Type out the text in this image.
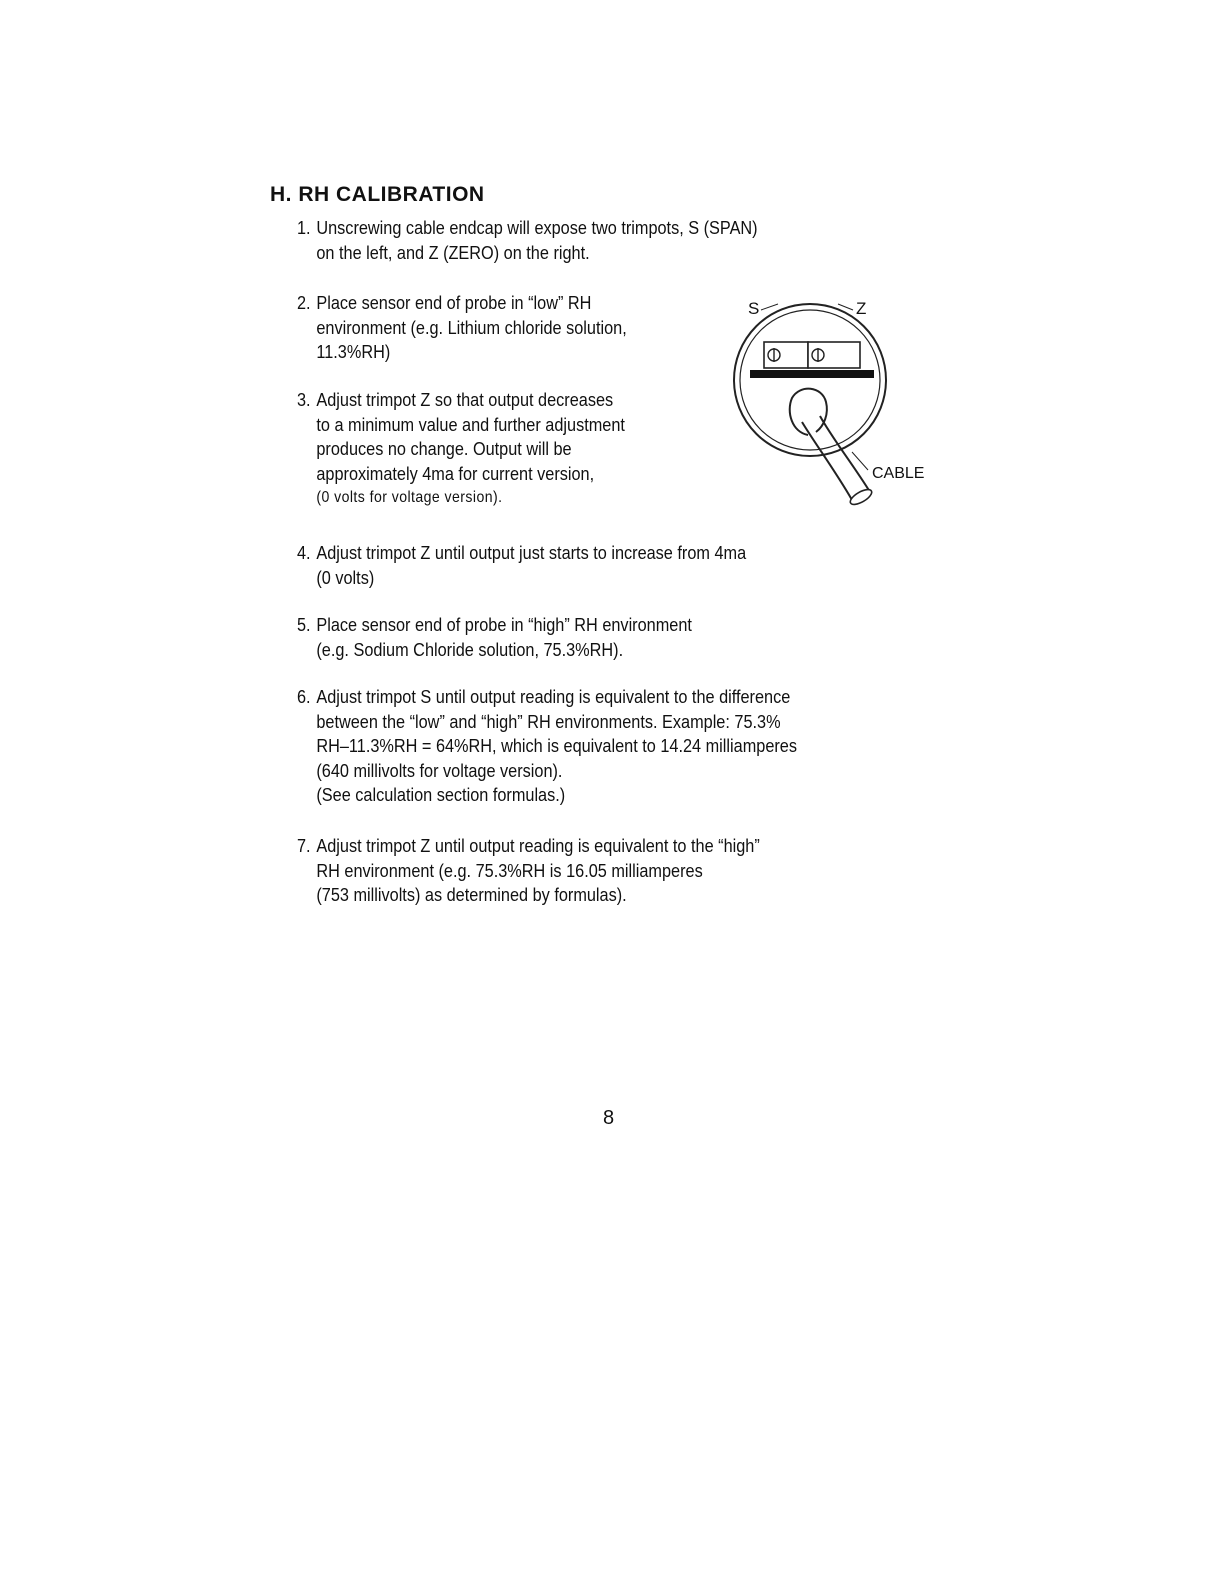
H. RH CALIBRATION
1. Unscrewing cable endcap will expose two trimpots, S (SPAN)
on the left, and Z (ZERO) on the right.
2. Place sensor end of probe in “low” RH
environment (e.g. Lithium chloride solution,
11.3%RH)
3. Adjust trimpot Z so that output decreases
to a minimum value and further adjustment
produces no change. Output will be
approximately 4ma for current version,
(0 volts for voltage version).
4. Adjust trimpot Z until output just starts to increase from 4ma
(0 volts)
5. Place sensor end of probe in “high” RH environment
(e.g. Sodium Chloride solution, 75.3%RH).
6. Adjust trimpot S until output reading is equivalent to the difference
between the “low” and “high” RH environments. Example: 75.3%
RH–11.3%RH = 64%RH, which is equivalent to 14.24 milliamperes
(640 millivolts for voltage version).
(See calculation section formulas.)
7. Adjust trimpot Z until output reading is equivalent to the “high”
RH environment (e.g. 75.3%RH is 16.05 milliamperes
(753 millivolts) as determined by formulas).
S	Z
CABLE
8
